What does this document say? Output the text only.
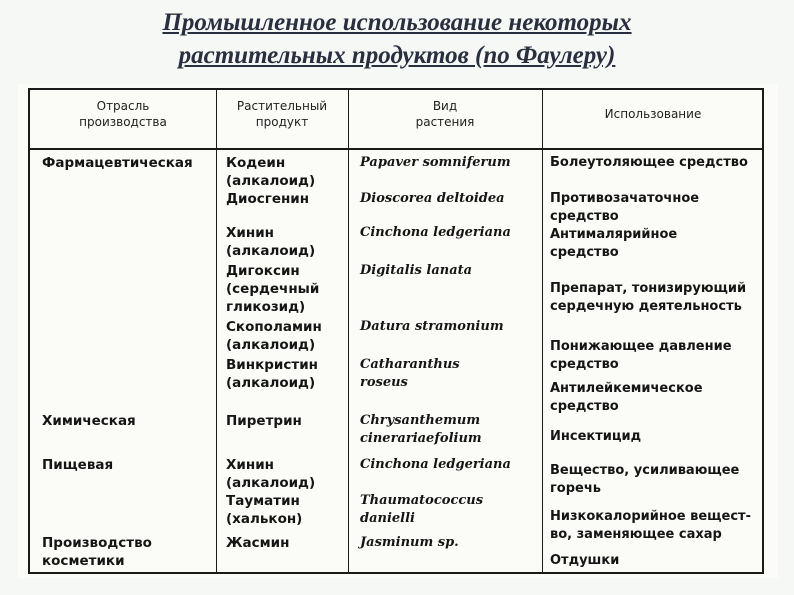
Промышленное использование некоторых
растительных продуктов (по Фаулеру)
Отрасль
производства
Растительный
продукт
Вид
растения
Использование
Фармацевтическая
Химическая
Пищевая
Производство
косметики
Кодеин
(алкалоид)
Диосгенин
Хинин
(алкалоид)
Дигоксин
(сердечный
гликозид)
Скополамин
(алкалоид)
Винкристин
(алкалоид)
Пиретрин
Хинин
(алкалоид)
Тауматин
(халькон)
Жасмин
Papaver somniferum
Dioscorea deltoidea
Cinchona ledgeriana
Digitalis lanata
Datura stramonium
Catharanthus
roseus
Chrysanthemum
cinerariaefolium
Cinchona ledgeriana
Thaumatococcus
danielli
Jasminum sp.
Болеутоляющее средство
Противозачаточное
средство
Антималярийное
средство
Препарат, тонизирующий
сердечную деятельность
Понижающее давление
средство
Антилейкемическое
средство
Инсектицид
Вещество, усиливающее
горечь
Низкокалорийное вещест-
во, заменяющее сахар
Отдушки
